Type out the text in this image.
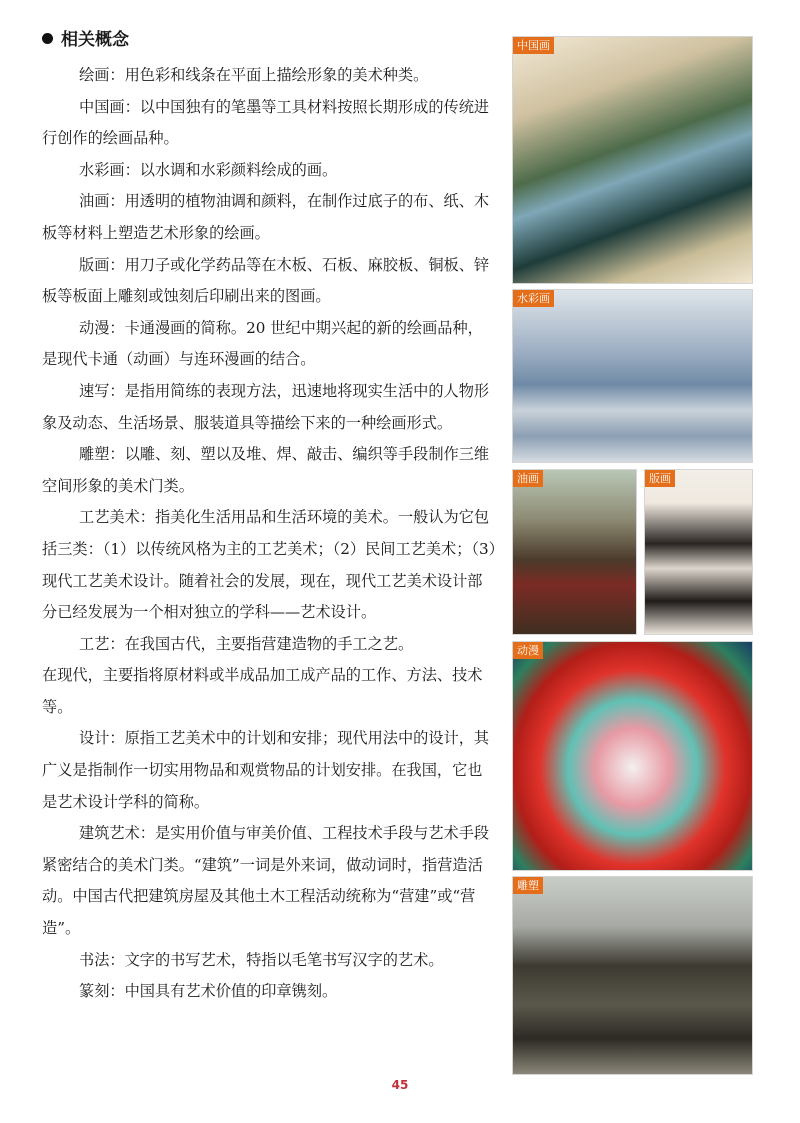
相关概念

绘画：用色彩和线条在平面上描绘形象的美术种类。

中国画：以中国独有的笔墨等工具材料按照长期形成的传统进行创作的绘画品种。

水彩画：以水调和水彩颜料绘成的画。

油画：用透明的植物油调和颜料，在制作过底子的布、纸、木板等材料上塑造艺术形象的绘画。

版画：用刀子或化学药品等在木板、石板、麻胶板、铜板、锌板等板面上雕刻或蚀刻后印刷出来的图画。

动漫：卡通漫画的简称。20 世纪中期兴起的新的绘画品种，是现代卡通（动画）与连环漫画的结合。

速写：是指用简练的表现方法，迅速地将现实生活中的人物形象及动态、生活场景、服装道具等描绘下来的一种绘画形式。

雕塑：以雕、刻、塑以及堆、焊、敲击、编织等手段制作三维空间形象的美术门类。

工艺美术：指美化生活用品和生活环境的美术。一般认为它包括三类：（1）以传统风格为主的工艺美术；（2）民间工艺美术；（3）现代工艺美术设计。随着社会的发展，现在，现代工艺美术设计部分已经发展为一个相对独立的学科——艺术设计。

工艺：在我国古代，主要指营建造物的手工之艺。

在现代，主要指将原材料或半成品加工成产品的工作、方法、技术等。

设计：原指工艺美术中的计划和安排；现代用法中的设计，其广义是指制作一切实用物品和观赏物品的计划安排。在我国，它也是艺术设计学科的简称。

建筑艺术：是实用价值与审美价值、工程技术手段与艺术手段紧密结合的美术门类。“建筑”一词是外来词，做动词时，指营造活动。中国古代把建筑房屋及其他土木工程活动统称为“营建”或“营造”。

书法：文字的书写艺术，特指以毛笔书写汉字的艺术。

篆刻：中国具有艺术价值的印章镌刻。

中国画
水彩画
油画	版画
动漫
雕塑
45
